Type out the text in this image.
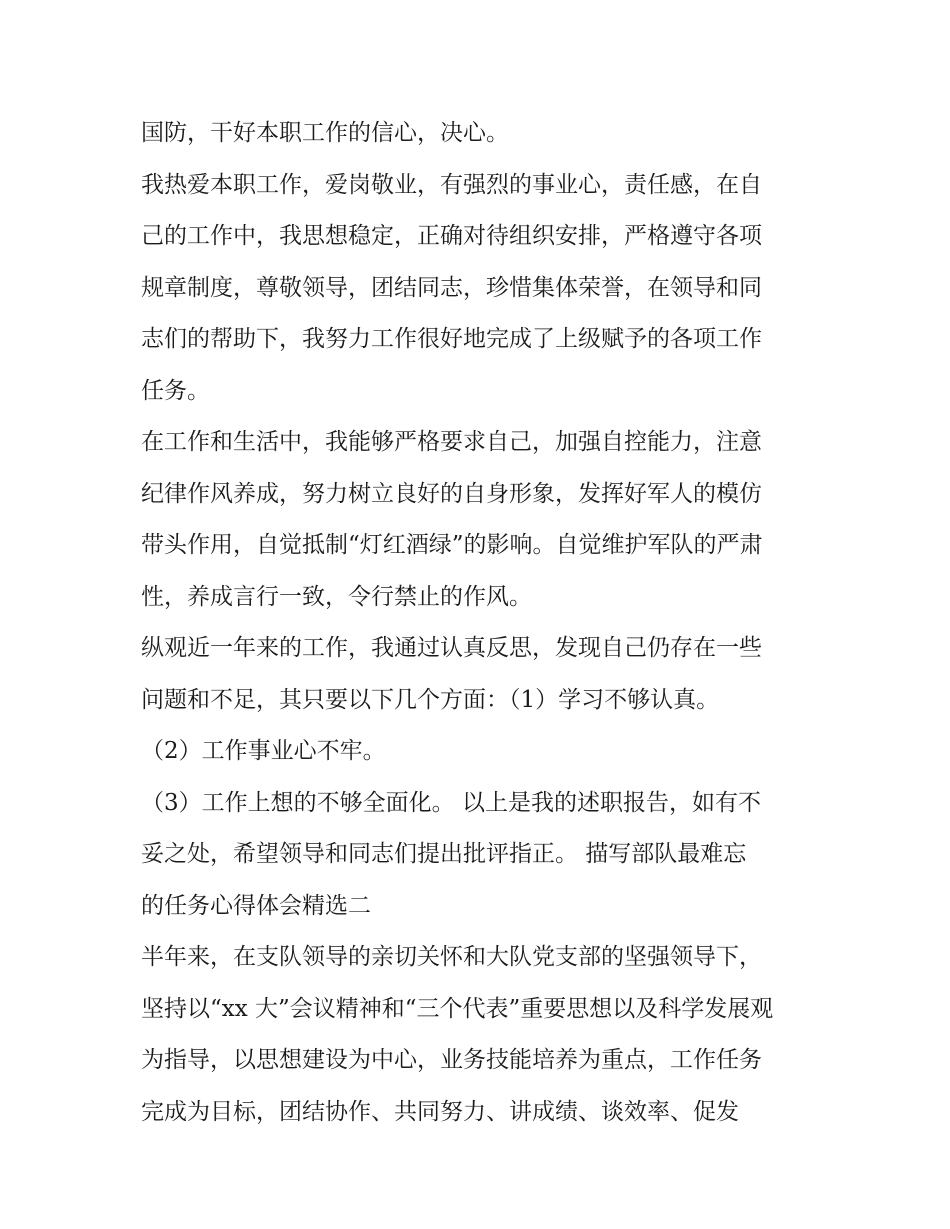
国防，干好本职工作的信心，决心。
我热爱本职工作，爱岗敬业，有强烈的事业心，责任感，在自
己的工作中，我思想稳定，正确对待组织安排，严格遵守各项
规章制度，尊敬领导，团结同志，珍惜集体荣誉，在领导和同
志们的帮助下，我努力工作很好地完成了上级赋予的各项工作
任务。
在工作和生活中，我能够严格要求自己，加强自控能力，注意
纪律作风养成，努力树立良好的自身形象，发挥好军人的模仿
带头作用，自觉抵制“灯红酒绿”的影响。自觉维护军队的严肃
性，养成言行一致，令行禁止的作风。
纵观近一年来的工作，我通过认真反思，发现自己仍存在一些
问题和不足，其只要以下几个方面：（1）学习不够认真。
（2）工作事业心不牢。
（3）工作上想的不够全面化。 以上是我的述职报告，如有不
妥之处，希望领导和同志们提出批评指正。 描写部队最难忘
的任务心得体会精选二
半年来，在支队领导的亲切关怀和大队党支部的坚强领导下，
坚持以“xx 大”会议精神和“三个代表”重要思想以及科学发展观
为指导，以思想建设为中心，业务技能培养为重点，工作任务
完成为目标，团结协作、共同努力、讲成绩、谈效率、促发
